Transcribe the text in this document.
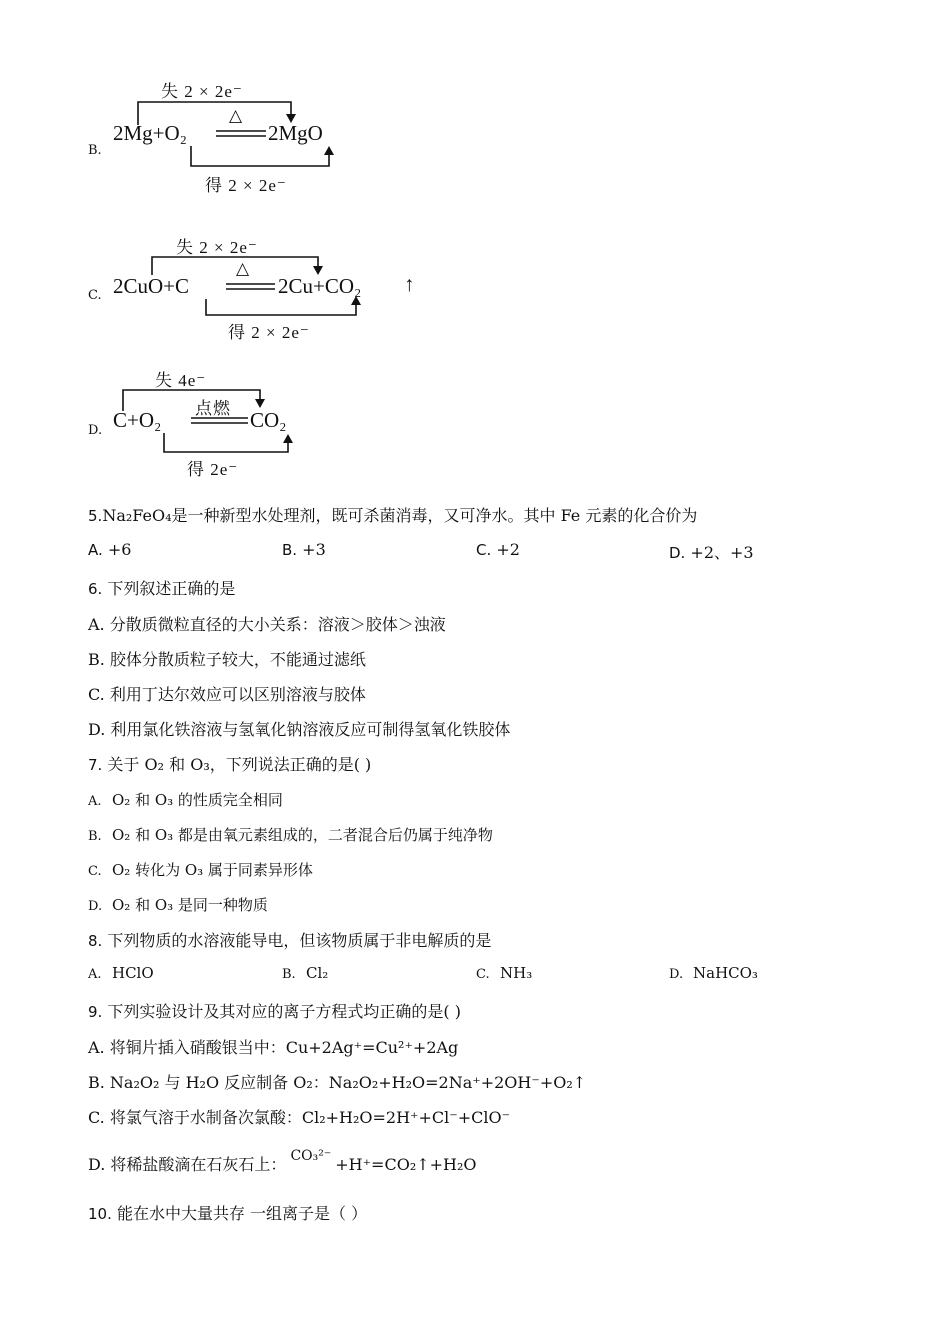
B.
失 2 × 2e⁻
2Mg+O₂
△
2MgO
得 2 × 2e⁻
C.
失 2 × 2e⁻
2CuO+C
△
2Cu+CO₂ ↑
得 2 × 2e⁻
D.
失 4e⁻
C+O₂ 点燃 CO₂
得 2e⁻
5.Na₂FeO₄是一种新型水处理剂，既可杀菌消毒，又可净水。其中 Fe 元素的化合价为
A. +6	B. +3	C. +2	D. +2、+3
6. 下列叙述正确的是
A. 分散质微粒直径的大小关系：溶液＞胶体＞浊液
B. 胶体分散质粒子较大，不能通过滤纸
C. 利用丁达尔效应可以区别溶液与胶体
D. 利用氯化铁溶液与氢氧化钠溶液反应可制得氢氧化铁胶体
7. 关于 O₂ 和 O₃，下列说法正确的是( )
A. O₂ 和 O₃ 的性质完全相同
B. O₂ 和 O₃ 都是由氧元素组成的，二者混合后仍属于纯净物
C. O₂ 转化为 O₃ 属于同素异形体
D. O₂ 和 O₃ 是同一种物质
8. 下列物质的水溶液能导电，但该物质属于非电解质的是
A. HClO	B. Cl₂	C. NH₃	D. NaHCO₃
9. 下列实验设计及其对应的离子方程式均正确的是( )
A. 将铜片插入硝酸银当中：Cu+2Ag⁺=Cu²⁺+2Ag
B. Na₂O₂ 与 H₂O 反应制备 O₂：Na₂O₂+H₂O=2Na⁺+2OH⁻+O₂↑
C. 将氯气溶于水制备次氯酸：Cl₂+H₂O=2H⁺+Cl⁻+ClO⁻
D. 将稀盐酸滴在石灰石上： CO₃²⁻ +H⁺=CO₂↑+H₂O
10. 能在水中大量共存 一组离子是（ ）
